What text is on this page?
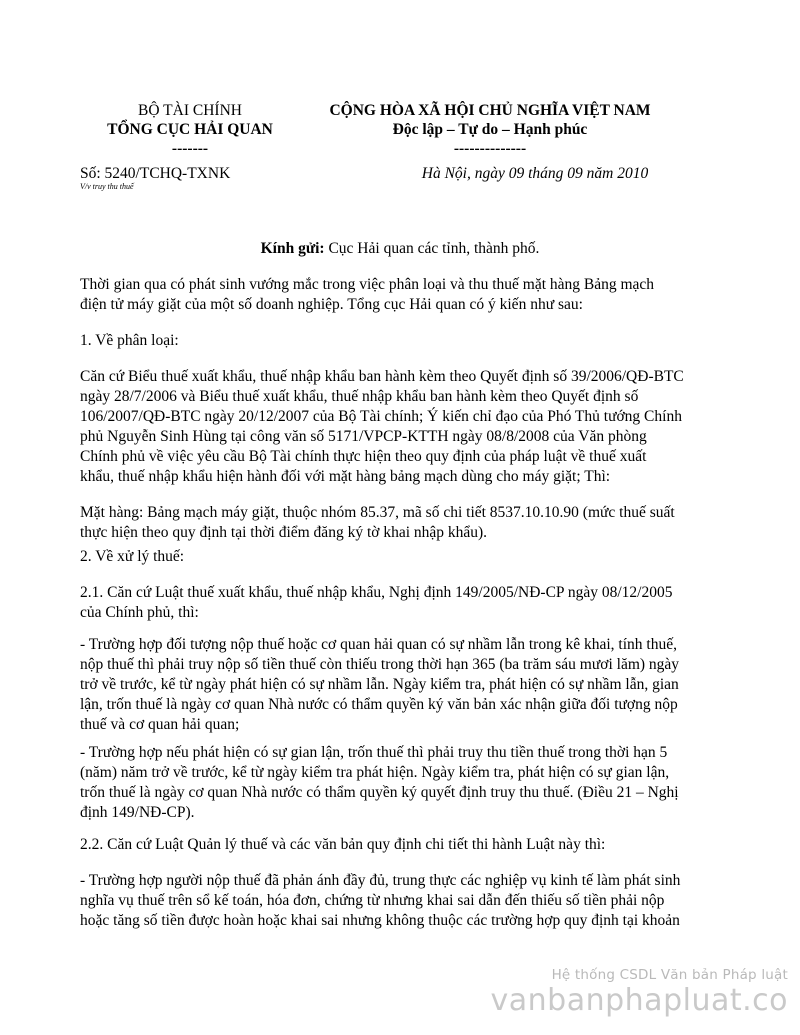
BỘ TÀI CHÍNH
TỔNG CỤC HẢI QUAN
-------
CỘNG HÒA XÃ HỘI CHỦ NGHĨA VIỆT NAM
Độc lập – Tự do – Hạnh phúc
--------------
Số: 5240/TCHQ-TXNK
V/v truy thu thuế
Hà Nội, ngày 09 tháng 09 năm 2010
Kính gửi: Cục Hải quan các tỉnh, thành phố.
Thời gian qua có phát sinh vướng mắc trong việc phân loại và thu thuế mặt hàng Bảng mạch
điện tử máy giặt của một số doanh nghiệp. Tổng cục Hải quan có ý kiến như sau:
1. Về phân loại:
Căn cứ Biểu thuế xuất khẩu, thuế nhập khẩu ban hành kèm theo Quyết định số 39/2006/QĐ-BTC
ngày 28/7/2006 và Biểu thuế xuất khẩu, thuế nhập khẩu ban hành kèm theo Quyết định số
106/2007/QĐ-BTC ngày 20/12/2007 của Bộ Tài chính; Ý kiến chỉ đạo của Phó Thủ tướng Chính
phủ Nguyễn Sinh Hùng tại công văn số 5171/VPCP-KTTH ngày 08/8/2008 của Văn phòng
Chính phủ về việc yêu cầu Bộ Tài chính thực hiện theo quy định của pháp luật về thuế xuất
khẩu, thuế nhập khẩu hiện hành đối với mặt hàng bảng mạch dùng cho máy giặt; Thì:
Mặt hàng: Bảng mạch máy giặt, thuộc nhóm 85.37, mã số chi tiết 8537.10.10.90 (mức thuế suất
thực hiện theo quy định tại thời điểm đăng ký tờ khai nhập khẩu).
2. Về xử lý thuế:
2.1. Căn cứ Luật thuế xuất khẩu, thuế nhập khẩu, Nghị định 149/2005/NĐ-CP ngày 08/12/2005
của Chính phủ, thì:
- Trường hợp đối tượng nộp thuế hoặc cơ quan hải quan có sự nhầm lẫn trong kê khai, tính thuế,
nộp thuế thì phải truy nộp số tiền thuế còn thiếu trong thời hạn 365 (ba trăm sáu mươi lăm) ngày
trở về trước, kể từ ngày phát hiện có sự nhầm lẫn. Ngày kiểm tra, phát hiện có sự nhầm lẫn, gian
lận, trốn thuế là ngày cơ quan Nhà nước có thẩm quyền ký văn bản xác nhận giữa đối tượng nộp
thuế và cơ quan hải quan;
- Trường hợp nếu phát hiện có sự gian lận, trốn thuế thì phải truy thu tiền thuế trong thời hạn 5
(năm) năm trở về trước, kể từ ngày kiểm tra phát hiện. Ngày kiểm tra, phát hiện có sự gian lận,
trốn thuế là ngày cơ quan Nhà nước có thẩm quyền ký quyết định truy thu thuế. (Điều 21 – Nghị
định 149/NĐ-CP).
2.2. Căn cứ Luật Quản lý thuế và các văn bản quy định chi tiết thi hành Luật này thì:
- Trường hợp người nộp thuế đã phản ánh đầy đủ, trung thực các nghiệp vụ kinh tế làm phát sinh
nghĩa vụ thuế trên sổ kế toán, hóa đơn, chứng từ nhưng khai sai dẫn đến thiếu số tiền phải nộp
hoặc tăng số tiền được hoàn hoặc khai sai nhưng không thuộc các trường hợp quy định tại khoản
Hệ thống CSDL Văn bản Pháp luật
vanbanphapluat.co
